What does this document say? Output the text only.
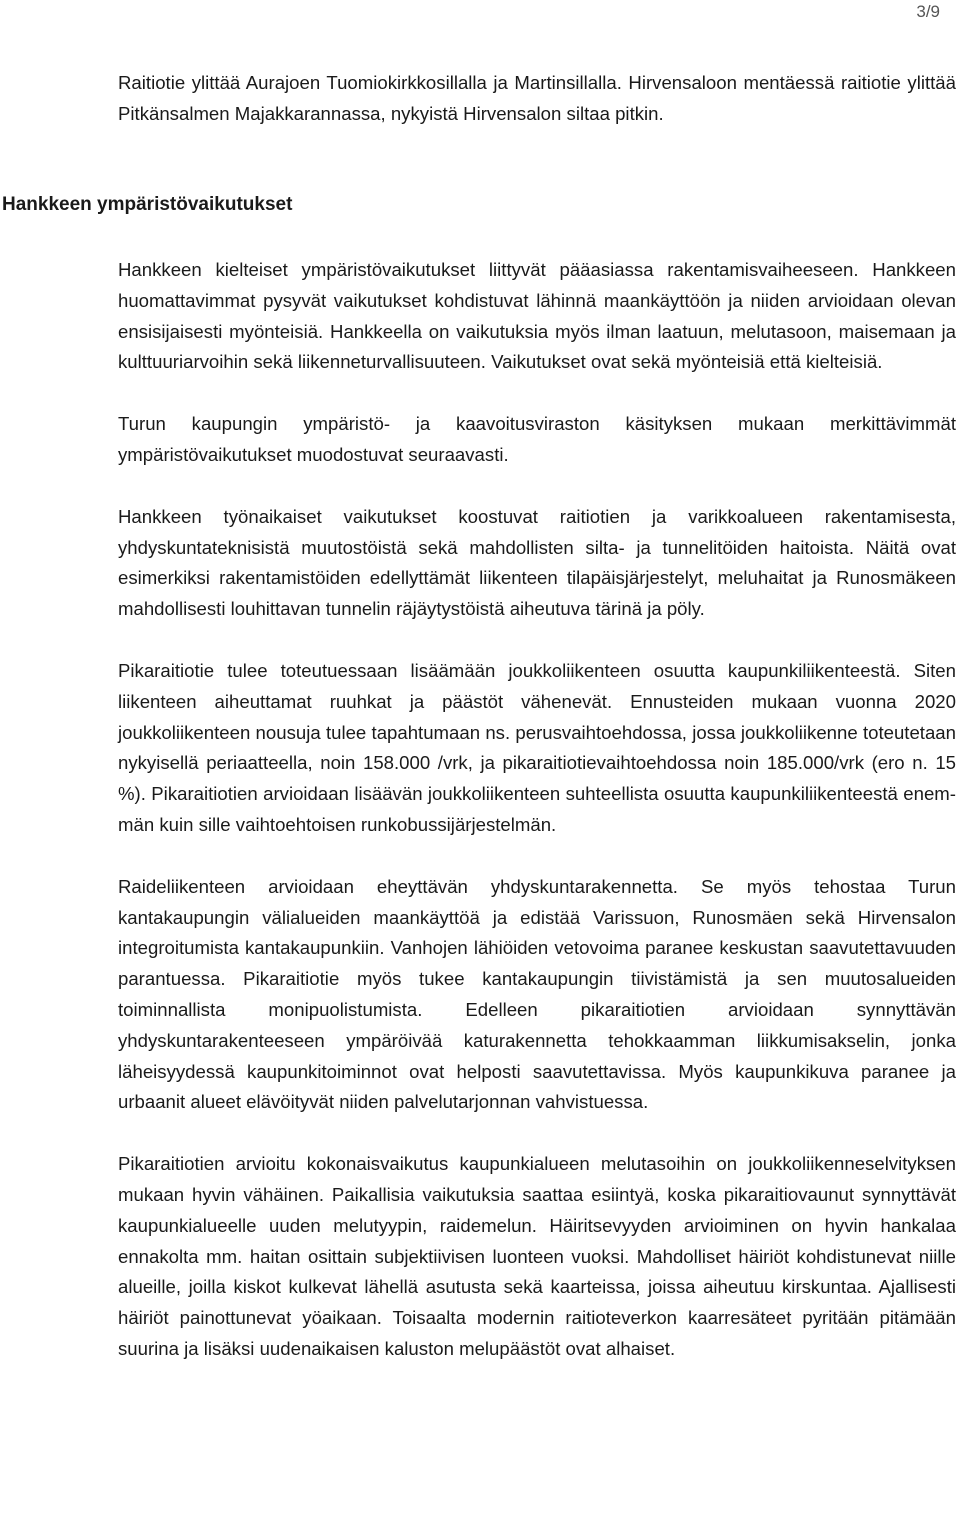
3/9

Raitiotie ylittää Aurajoen Tuomiokirkkosillalla ja Martinsillalla. Hirvensaloon mentäessä raitiotie ylittää Pitkänsalmen Majakkarannassa, nykyistä Hirvensalon siltaa pitkin.

Hankkeen ympäristövaikutukset

Hankkeen kielteiset ympäristövaikutukset liittyvät pääasiassa rakentamisvaiheeseen. Hankkeen huomattavimmat pysyvät vaikutukset kohdistuvat lähinnä maankäyttöön ja niiden arvioidaan olevan ensisijaisesti myönteisiä. Hankkeella on vaikutuksia myös ilman laatuun, melutasoon, maisemaan ja kulttuuriarvoihin sekä liikenneturvallisuuteen. Vaikutukset ovat sekä myönteisiä että kielteisiä.

Turun kaupungin ympäristö- ja kaavoitusviraston käsityksen mukaan merkittävimmät ympäristövaikutukset muodostuvat seuraavasti.

Hankkeen työnaikaiset vaikutukset koostuvat raitiotien ja varikkoalueen rakentamisesta, yhdyskuntateknisistä muutostöistä sekä mahdollisten silta- ja tunnelitöiden haitoista. Näitä ovat esimerkiksi rakentamistöiden edellyttämät liikenteen tilapäisjärjestelyt, meluhaitat ja Runosmäkeen mahdollisesti louhittavan tunnelin räjäytystöistä aiheutuva tärinä ja pöly.

Pikaraitiotie tulee toteutuessaan lisäämään joukkoliikenteen osuutta kaupunkiliikenteestä. Siten liikenteen aiheuttamat ruuhkat ja päästöt vähenevät. Ennusteiden mukaan vuonna 2020 joukkoliikenteen nousuja tulee tapahtumaan ns. perusvaihtoehdossa, jossa joukkoliikenne toteutetaan nykyisellä periaatteella, noin 158.000 /vrk, ja pikaraitiotievaihtoehdossa noin 185.000/vrk (ero n. 15 %). Pikaraitiotien arvioidaan lisäävän joukkoliikenteen suhteellista osuutta kaupunkiliikenteestä enemmän kuin sille vaihtoehtoisen runkobussijärjestelmän.

Raideliikenteen arvioidaan eheyttävän yhdyskuntarakennetta. Se myös tehostaa Turun kantakaupungin välialueiden maankäyttöä ja edistää Varissuon, Runosmäen sekä Hirvensalon integroitumista kantakaupunkiin. Vanhojen lähiöiden vetovoima paranee keskustan saavutettavuuden parantuessa. Pikaraitiotie myös tukee kantakaupungin tiivistämistä ja sen muutosalueiden toiminnallista monipuolistumista. Edelleen pikaraitiotien arvioidaan synnyttävän yhdyskuntarakenteeseen ympäröivää katurakennetta tehokkaamman liikkumisakselin, jonka läheisyydessä kaupunkitoiminnot ovat helposti saavutettavissa. Myös kaupunkikuva paranee ja urbaanit alueet elävöityvät niiden palvelutarjonnan vahvistuessa.

Pikaraitiotien arvioitu kokonaisvaikutus kaupunkialueen melutasoihin on joukkoliikenneselvityksen mukaan hyvin vähäinen. Paikallisia vaikutuksia saattaa esiintyä, koska pikaraitiovaunut synnyttävät kaupunkialueelle uuden melutyypin, raidemelun. Häiritsevyyden arvioiminen on hyvin hankalaa ennakolta mm. haitan osittain subjektiivisen luonteen vuoksi. Mahdolliset häiriöt kohdistunevat niille alueille, joilla kiskot kulkevat lähellä asutusta sekä kaarteissa, joissa aiheutuu kirskuntaa. Ajallisesti häiriöt painottunevat yöaikaan. Toisaalta modernin raitioteverkon kaarresäteet pyritään pitämään suurina ja lisäksi uudenaikaisen kaluston melupäästöt ovat alhaiset.
